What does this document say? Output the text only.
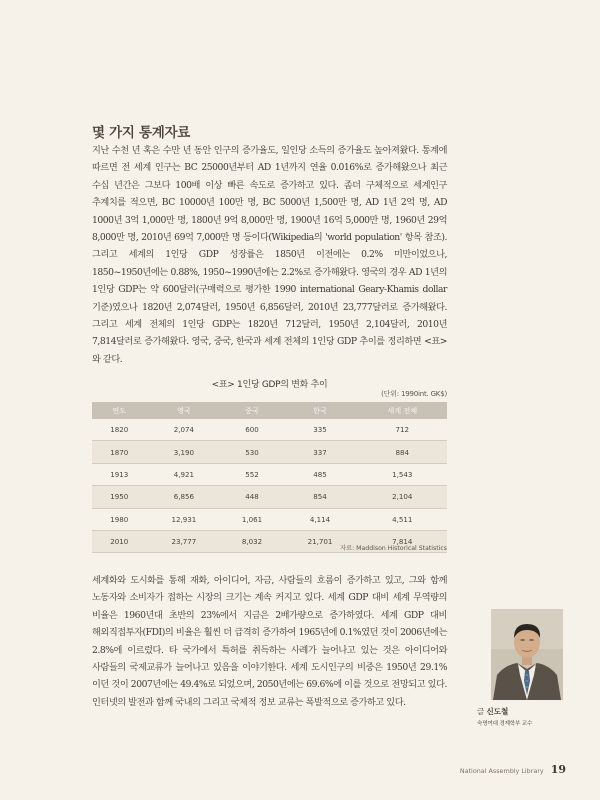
몇 가지 통계자료

지난 수천 년 혹은 수만 년 동안 인구의 증가율도, 일인당 소득의 증가율도 높아져왔다. 통계에 따르면 전 세계 인구는 BC 25000년부터 AD 1년까지 연율 0.016%로 증가해왔으나 최근 수십 년간은 그보다 100배 이상 빠른 속도로 증가하고 있다. 좀더 구체적으로 세계인구 추계치를 적으면, BC 10000년 100만 명, BC 5000년 1,500만 명, AD 1년 2억 명, AD 1000년 3억 1,000만 명, 1800년 9억 8,000만 명, 1900년 16억 5,000만 명, 1960년 29억 8,000만 명, 2010년 69억 7,000만 명 등이다(Wikipedia의 'world population' 항목 참조). 그리고 세계의 1인당 GDP 성장률은 1850년 이전에는 0.2% 미만이었으나, 1850~1950년에는 0.88%, 1950~1990년에는 2.2%로 증가해왔다. 영국의 경우 AD 1년의 1인당 GDP는 약 600달러(구매력으로 평가한 1990 international Geary-Khamis dollar 기준)였으나 1820년 2,074달러, 1950년 6,856달러, 2010년 23,777달러로 증가해왔다. 그리고 세계 전체의 1인당 GDP는 1820년 712달러, 1950년 2,104달러, 2010년 7,814달러로 증가해왔다. 영국, 중국, 한국과 세계 전체의 1인당 GDP 추이를 정리하면 <표>와 같다.

<표> 1인당 GDP의 변화 추이
(단위: 1990int. GK$)
연도	영국	중국	한국	세계 전체
1820	2,074	600	335	712
1870	3,190	530	337	884
1913	4,921	552	485	1,543
1950	6,856	448	854	2,104
1980	12,931	1,061	4,114	4,511
2010	23,777	8,032	21,701	7,814
자료: Maddison Historical Statistics

세계화와 도시화를 통해 재화, 아이디어, 자금, 사람들의 흐름이 증가하고 있고, 그와 함께 노동자와 소비자가 접하는 시장의 크기는 계속 커지고 있다. 세계 GDP 대비 세계 무역량의 비율은 1960년대 초반의 23%에서 지금은 2배가량으로 증가하였다. 세계 GDP 대비 해외직접투자(FDI)의 비율은 훨씬 더 급격히 증가하여 1965년에 0.1%였던 것이 2006년에는 2.8%에 이르렀다. 타 국가에서 특허를 취득하는 사례가 늘어나고 있는 것은 아이디어와 사람들의 국제교류가 늘어나고 있음을 이야기한다. 세계 도시인구의 비중은 1950년 29.1%이던 것이 2007년에는 49.4%로 되었으며, 2050년에는 69.6%에 이를 것으로 전망되고 있다. 인터넷의 발전과 함께 국내의 그리고 국제적 정보 교류는 폭발적으로 증가하고 있다.

글 신도철
숙명여대 경제학부 교수
National Assembly Library 19
